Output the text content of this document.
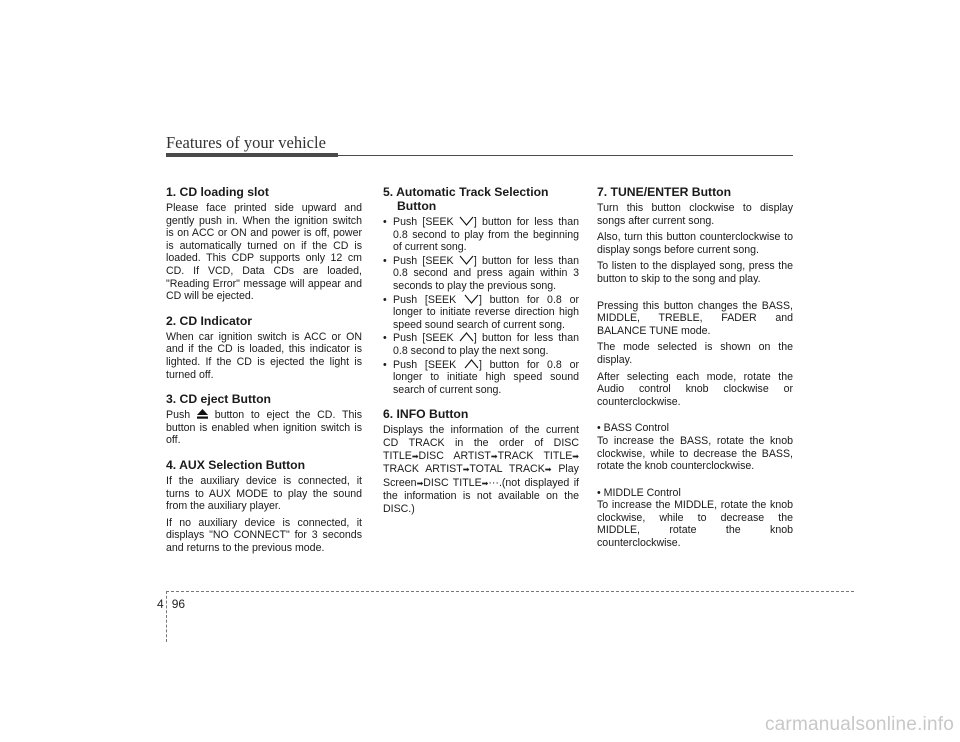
Features of your vehicle
1. CD loading slot

Please face printed side upward and gently push in. When the ignition switch is on ACC or ON and power is off, power is automatically turned on if the CD is loaded. This CDP supports only 12 cm CD. If VCD, Data CDs are loaded, "Reading Error" message will appear and CD will be ejected.

2. CD Indicator

When car ignition switch is ACC or ON and if the CD is loaded, this indicator is lighted. If the CD is ejected the light is turned off.

3. CD eject Button

Push
button to eject the CD. This button is enabled when ignition switch is off.

4. AUX Selection Button

If the auxiliary device is connected, it turns to AUX MODE to play the sound from the auxiliary player.

If no auxiliary device is connected, it displays "NO CONNECT" for 3 seconds and returns to the previous mode.

5. Automatic Track Selection Button
• Push [SEEK
] button for less than 0.8 second to play from the beginning of current song.
• Push [SEEK
] button for less than 0.8 second and press again within 3 seconds to play the previous song.
• Push [SEEK
] button for 0.8 or longer to initiate reverse direction high speed sound search of current song.
• Push [SEEK
] button for less than 0.8 second to play the next song.
• Push [SEEK
] button for 0.8 or longer to initiate high speed sound search of current song.
6. INFO Button

Displays the information of the current CD TRACK in the order of DISC TITLE➡DISC ARTIST➡TRACK TITLE➡ TRACK ARTIST➡TOTAL TRACK➡ Play Screen➡DISC TITLE➡···.(not displayed if the information is not available on the DISC.)

7. TUNE/ENTER Button

Turn this button clockwise to display songs after current song.

Also, turn this button counterclockwise to display songs before current song.

To listen to the displayed song, press the button to skip to the song and play.

Pressing this button changes the BASS, MIDDLE, TREBLE, FADER and BALANCE TUNE mode.

The mode selected is shown on the display.

After selecting each mode, rotate the Audio control knob clockwise or counterclockwise.

• BASS Control

To increase the BASS, rotate the knob clockwise, while to decrease the BASS, rotate the knob counterclockwise.

• MIDDLE Control

To increase the MIDDLE, rotate the knob clockwise, while to decrease the MIDDLE, rotate the knob counterclockwise.

4 96
carmanualsonline.info
